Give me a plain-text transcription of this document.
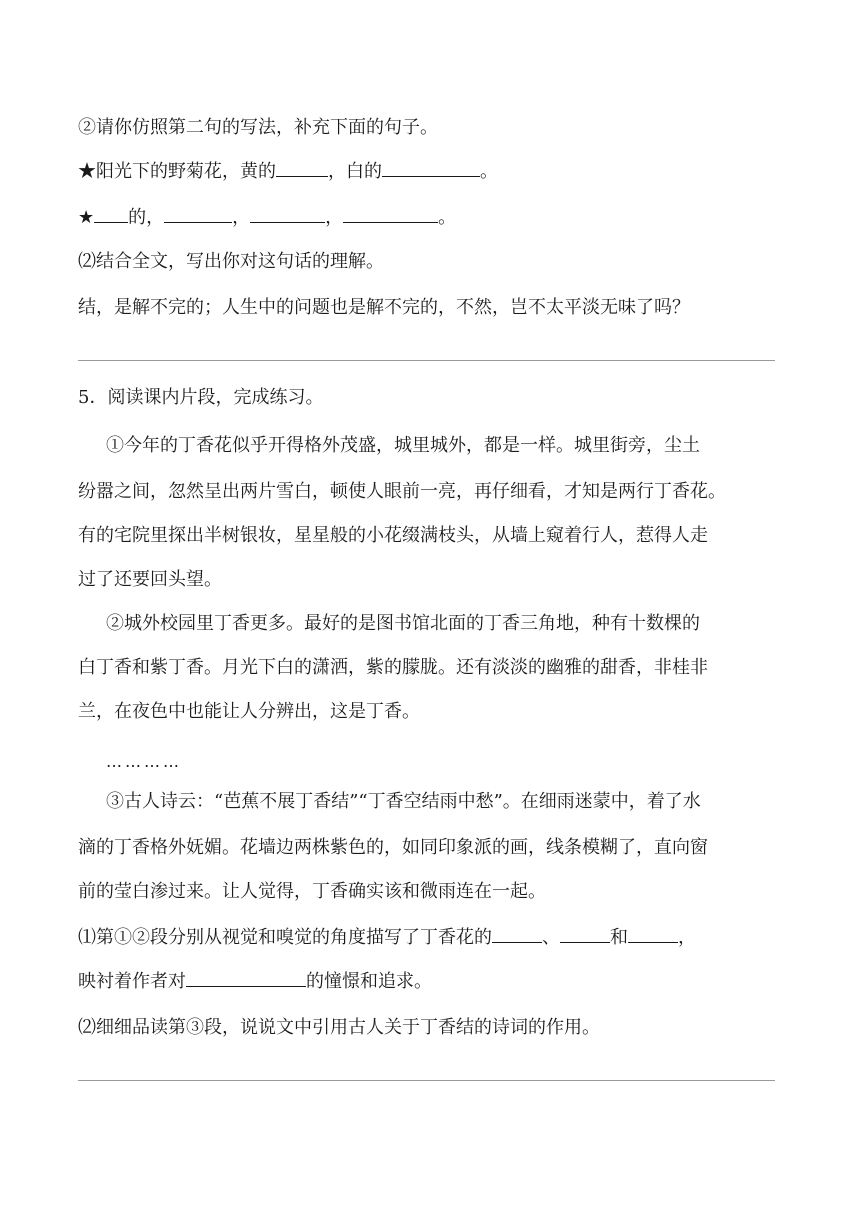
②请你仿照第二句的写法，补充下面的句子。
★阳光下的野菊花，黄的	，白的	。
★ 的，	，	，	。
⑵结合全文，写出你对这句话的理解。
结，是解不完的；人生中的问题也是解不完的，不然，岂不太平淡无味了吗？
5．阅读课内片段，完成练习。
①今年的丁香花似乎开得格外茂盛，城里城外，都是一样。城里街旁，尘土
纷嚣之间，忽然呈出两片雪白，顿使人眼前一亮，再仔细看，才知是两行丁香花。
有的宅院里探出半树银妆，星星般的小花缀满枝头，从墙上窥着行人，惹得人走
过了还要回头望。
②城外校园里丁香更多。最好的是图书馆北面的丁香三角地，种有十数棵的
白丁香和紫丁香。月光下白的潇洒，紫的朦胧。还有淡淡的幽雅的甜香，非桂非
兰，在夜色中也能让人分辨出，这是丁香。
…………
③古人诗云：“芭蕉不展丁香结”“丁香空结雨中愁”。在细雨迷蒙中，着了水
滴的丁香格外妩媚。花墙边两株紫色的，如同印象派的画，线条模糊了，直向窗
前的莹白渗过来。让人觉得，丁香确实该和微雨连在一起。
⑴第①②段分别从视觉和嗅觉的角度描写了丁香花的	、	和	，
映衬着作者对	的憧憬和追求。
⑵细细品读第③段，说说文中引用古人关于丁香结的诗词的作用。
